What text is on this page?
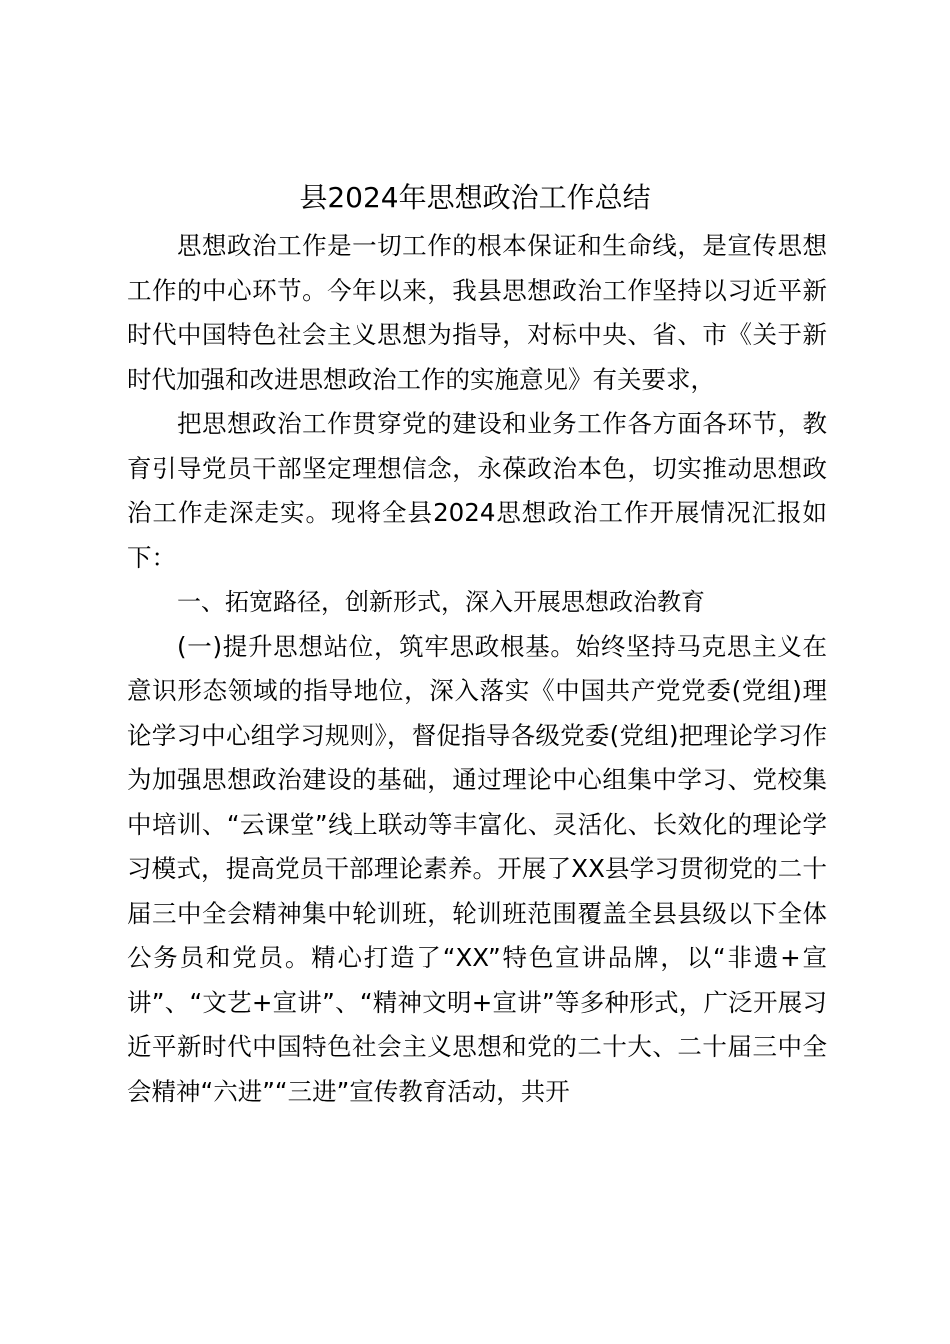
县2024年思想政治工作总结

思想政治工作是一切工作的根本保证和生命线，是宣传思想工作的中心环节。今年以来，我县思想政治工作坚持以习近平新时代中国特色社会主义思想为指导，对标中央、省、市《关于新时代加强和改进思想政治工作的实施意见》有关要求，

把思想政治工作贯穿党的建设和业务工作各方面各环节，教育引导党员干部坚定理想信念，永葆政治本色，切实推动思想政治工作走深走实。现将全县2024思想政治工作开展情况汇报如下：

一、拓宽路径，创新形式，深入开展思想政治教育

(一)提升思想站位，筑牢思政根基。始终坚持马克思主义在意识形态领域的指导地位，深入落实《中国共产党党委(党组)理论学习中心组学习规则》，督促指导各级党委(党组)把理论学习作为加强思想政治建设的基础，通过理论中心组集中学习、党校集中培训、“云课堂”线上联动等丰富化、灵活化、长效化的理论学习模式，提高党员干部理论素养。开展了XX县学习贯彻党的二十届三中全会精神集中轮训班，轮训班范围覆盖全县县级以下全体公务员和党员。精心打造了“XX”特色宣讲品牌，以“非遗+宣讲”、“文艺+宣讲”、“精神文明+宣讲”等多种形式，广泛开展习近平新时代中国特色社会主义思想和党的二十大、二十届三中全会精神“六进”“三进”宣传教育活动，共开
